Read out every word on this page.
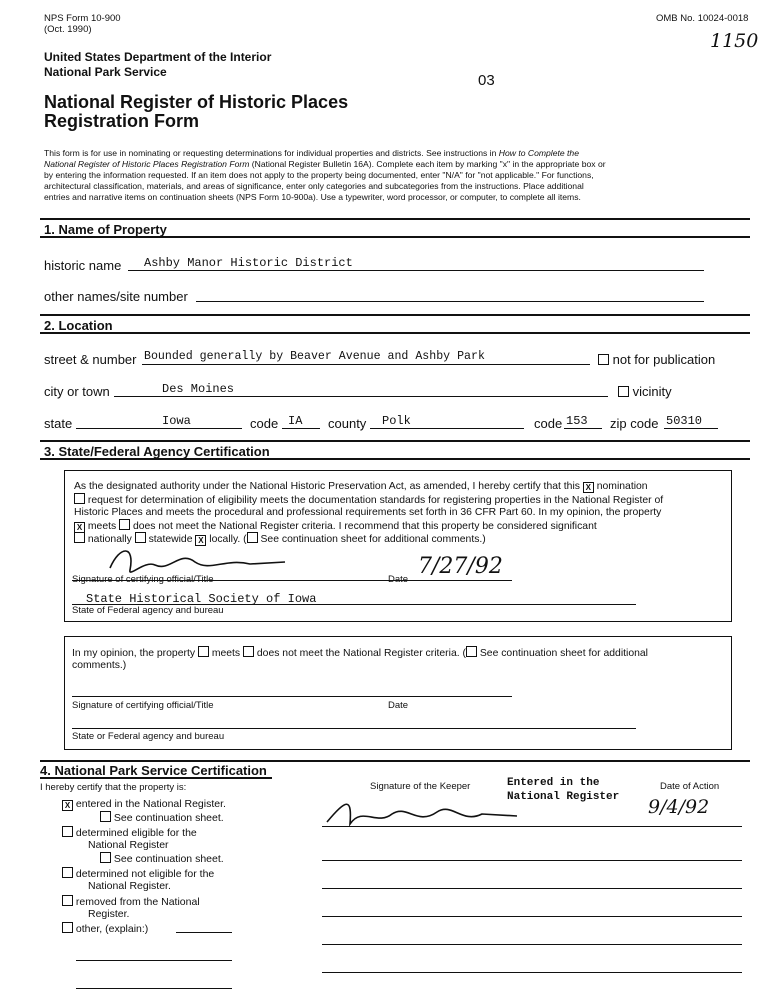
NPS Form 10-900
(Oct. 1990)
OMB No. 10024-0018
1150
03
United States Department of the Interior
National Park Service
National Register of Historic Places
Registration Form
This form is for use in nominating or requesting determinations for individual properties and districts. See instructions in How to Complete the
National Register of Historic Places Registration Form (National Register Bulletin 16A). Complete each item by marking "x" in the appropriate box or
by entering the information requested. If an item does not apply to the property being documented, enter "N/A" for "not applicable." For functions,
architectural classification, materials, and areas of significance, enter only categories and subcategories from the instructions. Place additional
entries and narrative items on continuation sheets (NPS Form 10-900a). Use a typewriter, word processor, or computer, to complete all items.
1. Name of Property
historic name Ashby Manor Historic District
other names/site number
2. Location
street & number Bounded generally by Beaver Avenue and Ashby Park	not for publication
city or town	Des Moines	vicinity
state	Iowa	code IA county Polk	code 153 zip code 50310
3. State/Federal Agency Certification
As the designated authority under the National Historic Preservation Act, as amended, I hereby certify that this X nomination
request for determination of eligibility meets the documentation standards for registering properties in the National Register of
Historic Places and meets the procedural and professional requirements set forth in 36 CFR Part 60. In my opinion, the property
X meets does not meet the National Register criteria. I recommend that this property be considered significant
nationally statewide X locally. ( See continuation sheet for additional comments.)
7/27/92
Signature of certifying official/Title	Date
State Historical Society of Iowa
State of Federal agency and bureau
In my opinion, the property meets does not meet the National Register criteria. ( See continuation sheet for additional
comments.)
Signature of certifying official/Title	Date
State or Federal agency and bureau
4. National Park Service Certification
I hereby certify that the property is:	Signature of the Keeper	Date of Action
Entered in the National Register	9/4/92
X entered in the National Register.
See continuation sheet.
determined eligible for the
National Register
See continuation sheet.
determined not eligible for the
National Register.
removed from the National
Register.
other, (explain:)
